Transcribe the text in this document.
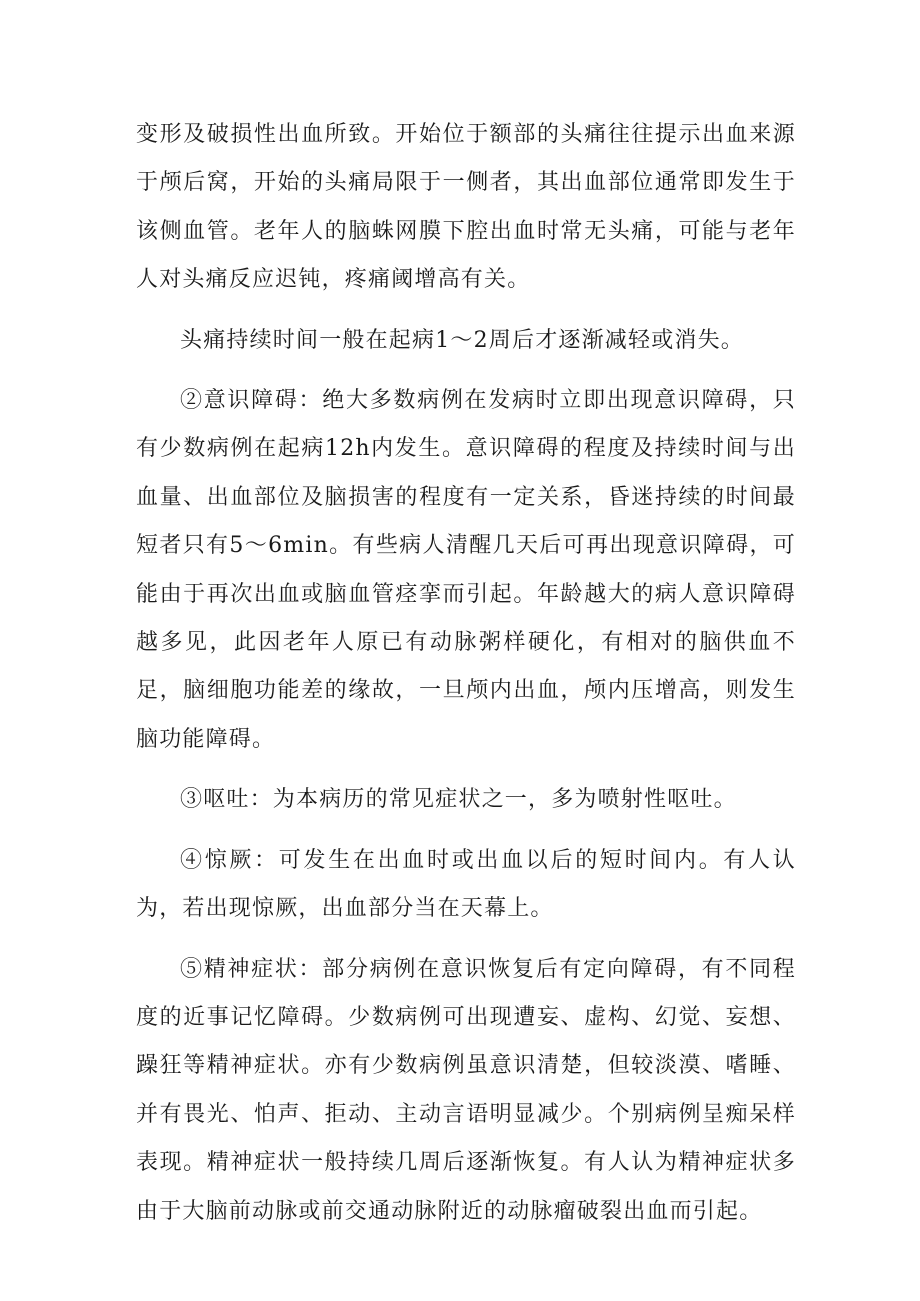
变形及破损性出血所致。开始位于额部的头痛往往提示出血来源于颅后窝，开始的头痛局限于一侧者，其出血部位通常即发生于该侧血管。老年人的脑蛛网膜下腔出血时常无头痛，可能与老年人对头痛反应迟钝，疼痛阈增高有关。

头痛持续时间一般在起病1～2周后才逐渐减轻或消失。

②意识障碍：绝大多数病例在发病时立即出现意识障碍，只有少数病例在起病12h内发生。意识障碍的程度及持续时间与出血量、出血部位及脑损害的程度有一定关系，昏迷持续的时间最短者只有5～6min。有些病人清醒几天后可再出现意识障碍，可能由于再次出血或脑血管痉挛而引起。年龄越大的病人意识障碍越多见，此因老年人原已有动脉粥样硬化，有相对的脑供血不足，脑细胞功能差的缘故，一旦颅内出血，颅内压增高，则发生脑功能障碍。

③呕吐：为本病历的常见症状之一，多为喷射性呕吐。

④惊厥：可发生在出血时或出血以后的短时间内。有人认为，若出现惊厥，出血部分当在天幕上。

⑤精神症状：部分病例在意识恢复后有定向障碍，有不同程度的近事记忆障碍。少数病例可出现遭妄、虚构、幻觉、妄想、躁狂等精神症状。亦有少数病例虽意识清楚，但较淡漠、嗜睡、并有畏光、怕声、拒动、主动言语明显减少。个别病例呈痴呆样表现。精神症状一般持续几周后逐渐恢复。有人认为精神症状多由于大脑前动脉或前交通动脉附近的动脉瘤破裂出血而引起。
